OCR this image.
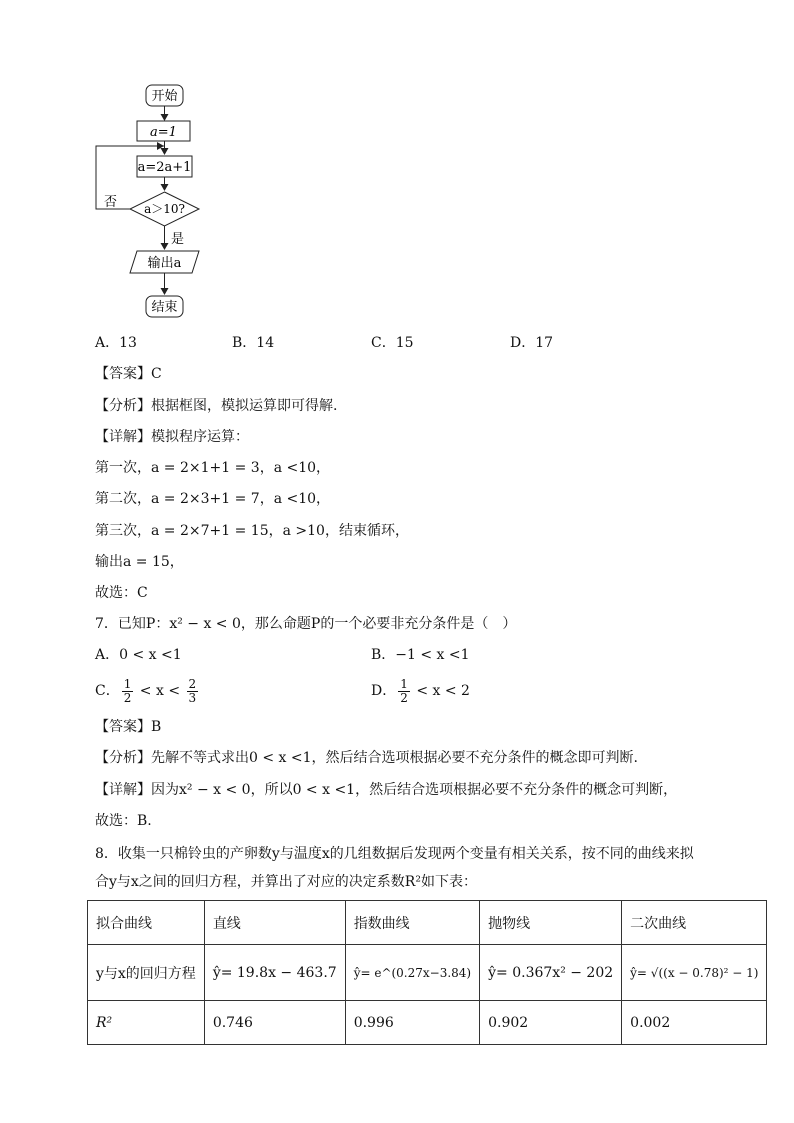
开始
a=1
a=2a+1
a＞10?
否
是
输出a
结束
A．13	B．14	C．15	D．17
【答案】C
【分析】根据框图，模拟运算即可得解.
【详解】模拟程序运算：
第一次，a = 2×1+1 = 3，a <10，
第二次，a = 2×3+1 = 7，a <10，
第三次，a = 2×7+1 = 15，a >10，结束循环，
输出a = 15，
故选：C
7．已知P：x² − x < 0，那么命题P的一个必要非充分条件是（　）
A．0 < x <1	B．−1 < x <1
C． $\frac{1}{2} < x < \frac{2}{3}$	D． $\frac{1}{2} < x < 2$
【答案】B
【分析】先解不等式求出0 < x <1，然后结合选项根据必要不充分条件的概念即可判断.
【详解】因为x² − x < 0，所以0 < x <1，然后结合选项根据必要不充分条件的概念可判断，
故选：B.
8．收集一只棉铃虫的产卵数y与温度x的几组数据后发现两个变量有相关关系，按不同的曲线来拟
合y与x之间的回归方程，并算出了对应的决定系数R²如下表：
拟合曲线	直线	指数曲线	抛物线	二次曲线
y与x的回归方程	ŷ= 19.8x − 463.7	ŷ= e^(0.27x−3.84)	ŷ= 0.367x² − 202	ŷ= √((x − 0.78)² − 1)
R²	0.746	0.996	0.902	0.002
